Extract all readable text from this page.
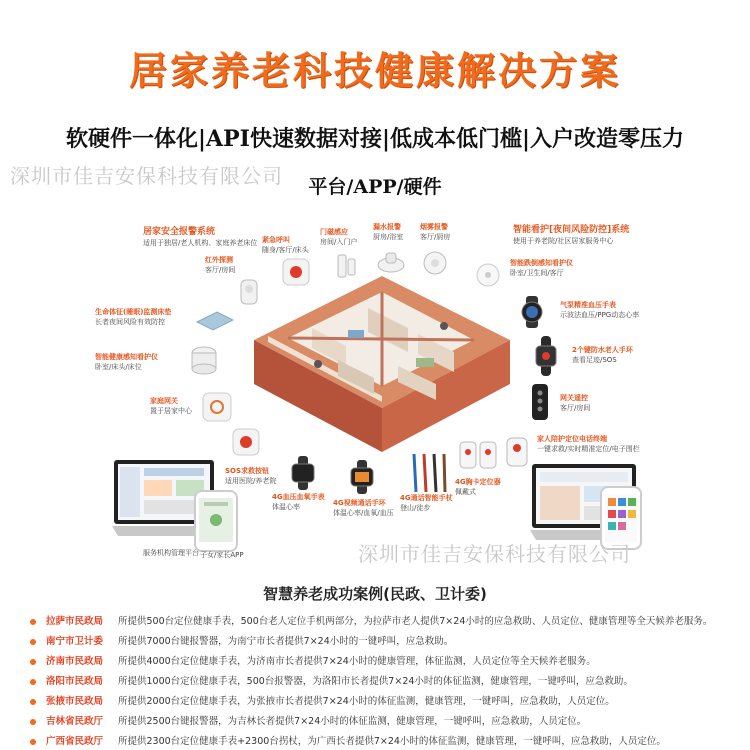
居家养老科技健康解决方案
软硬件一体化|API快速数据对接|低成本低门槛|入户改造零压力
深圳市佳吉安保科技有限公司	平台/APP/硬件
居家安全报警系统
适用于独居/老人机构、家庭养老床位
智能看护[夜间风险防控]系统
使用于养老院/社区居家服务中心
红外探测
客厅/房间
紧急呼叫
随身/客厅/床头
门磁感应
房间/入门户
漏水报警
厨房/浴室
烟雾报警
客厅/厨房
智能跌倒感知看护仪
卧室/卫生间/客厅
生命体征(睡眠)监测床垫
长者夜间风险有效防控
气泵精准血压手表
示波法血压/PPG动态心率
智能健康感知看护仪
卧室/床头/床位
2个键防水老人手环
查看足迹/SOS
家庭网关
置于居家中心
网关遥控
客厅/房间
家人陪护定位电话终端
一键求救/实时精准定位/电子围栏
SOS求救按钮
适用医院/养老院
4G血压血氧手表
体温心率	4G视频通话手环
体温心率/血氧/血压
4G通话智能手杖
登山/徒步
4G胸卡定位器
佩戴式
服务机构管理平台 子女/家长APP	深圳市佳吉安保科技有限公司
智慧养老成功案例(民政、卫计委)
拉萨市民政局 所提供500台定位健康手表，500台老人定位手机两部分，为拉萨市老人提供7×24小时的应急救助、人员定位、健康管理等全天候养老服务。
南宁市卫计委 所提供7000台键报警器，为南宁市长者提供7×24小时的一键呼叫，应急救助。
济南市民政局 所提供4000台定位健康手表，为济南市长者提供7×24小时的健康管理，体征监测，人员定位等全天候养老服务。
洛阳市民政局 所提供1000台定位健康手表，500台报警器，为洛阳市长者提供7×24小时的体征监测，健康管理，一键呼叫，应急救助。
张掖市民政局 所提供2000台定位健康手表，为张掖市长者提供7×24小时的体征监测，健康管理，一键呼叫，应急救助，人员定位。
吉林省民政厅 所提供2500台键报警器，为吉林长者提供7×24小时的体征监测，健康管理，一键呼叫，应急救助，人员定位。
广西省民政厅 所提供2300台定位健康手表+2300台拐杖，为广西长者提供7×24小时的体征监测，健康管理，一键呼叫，应急救助，人员定位。
